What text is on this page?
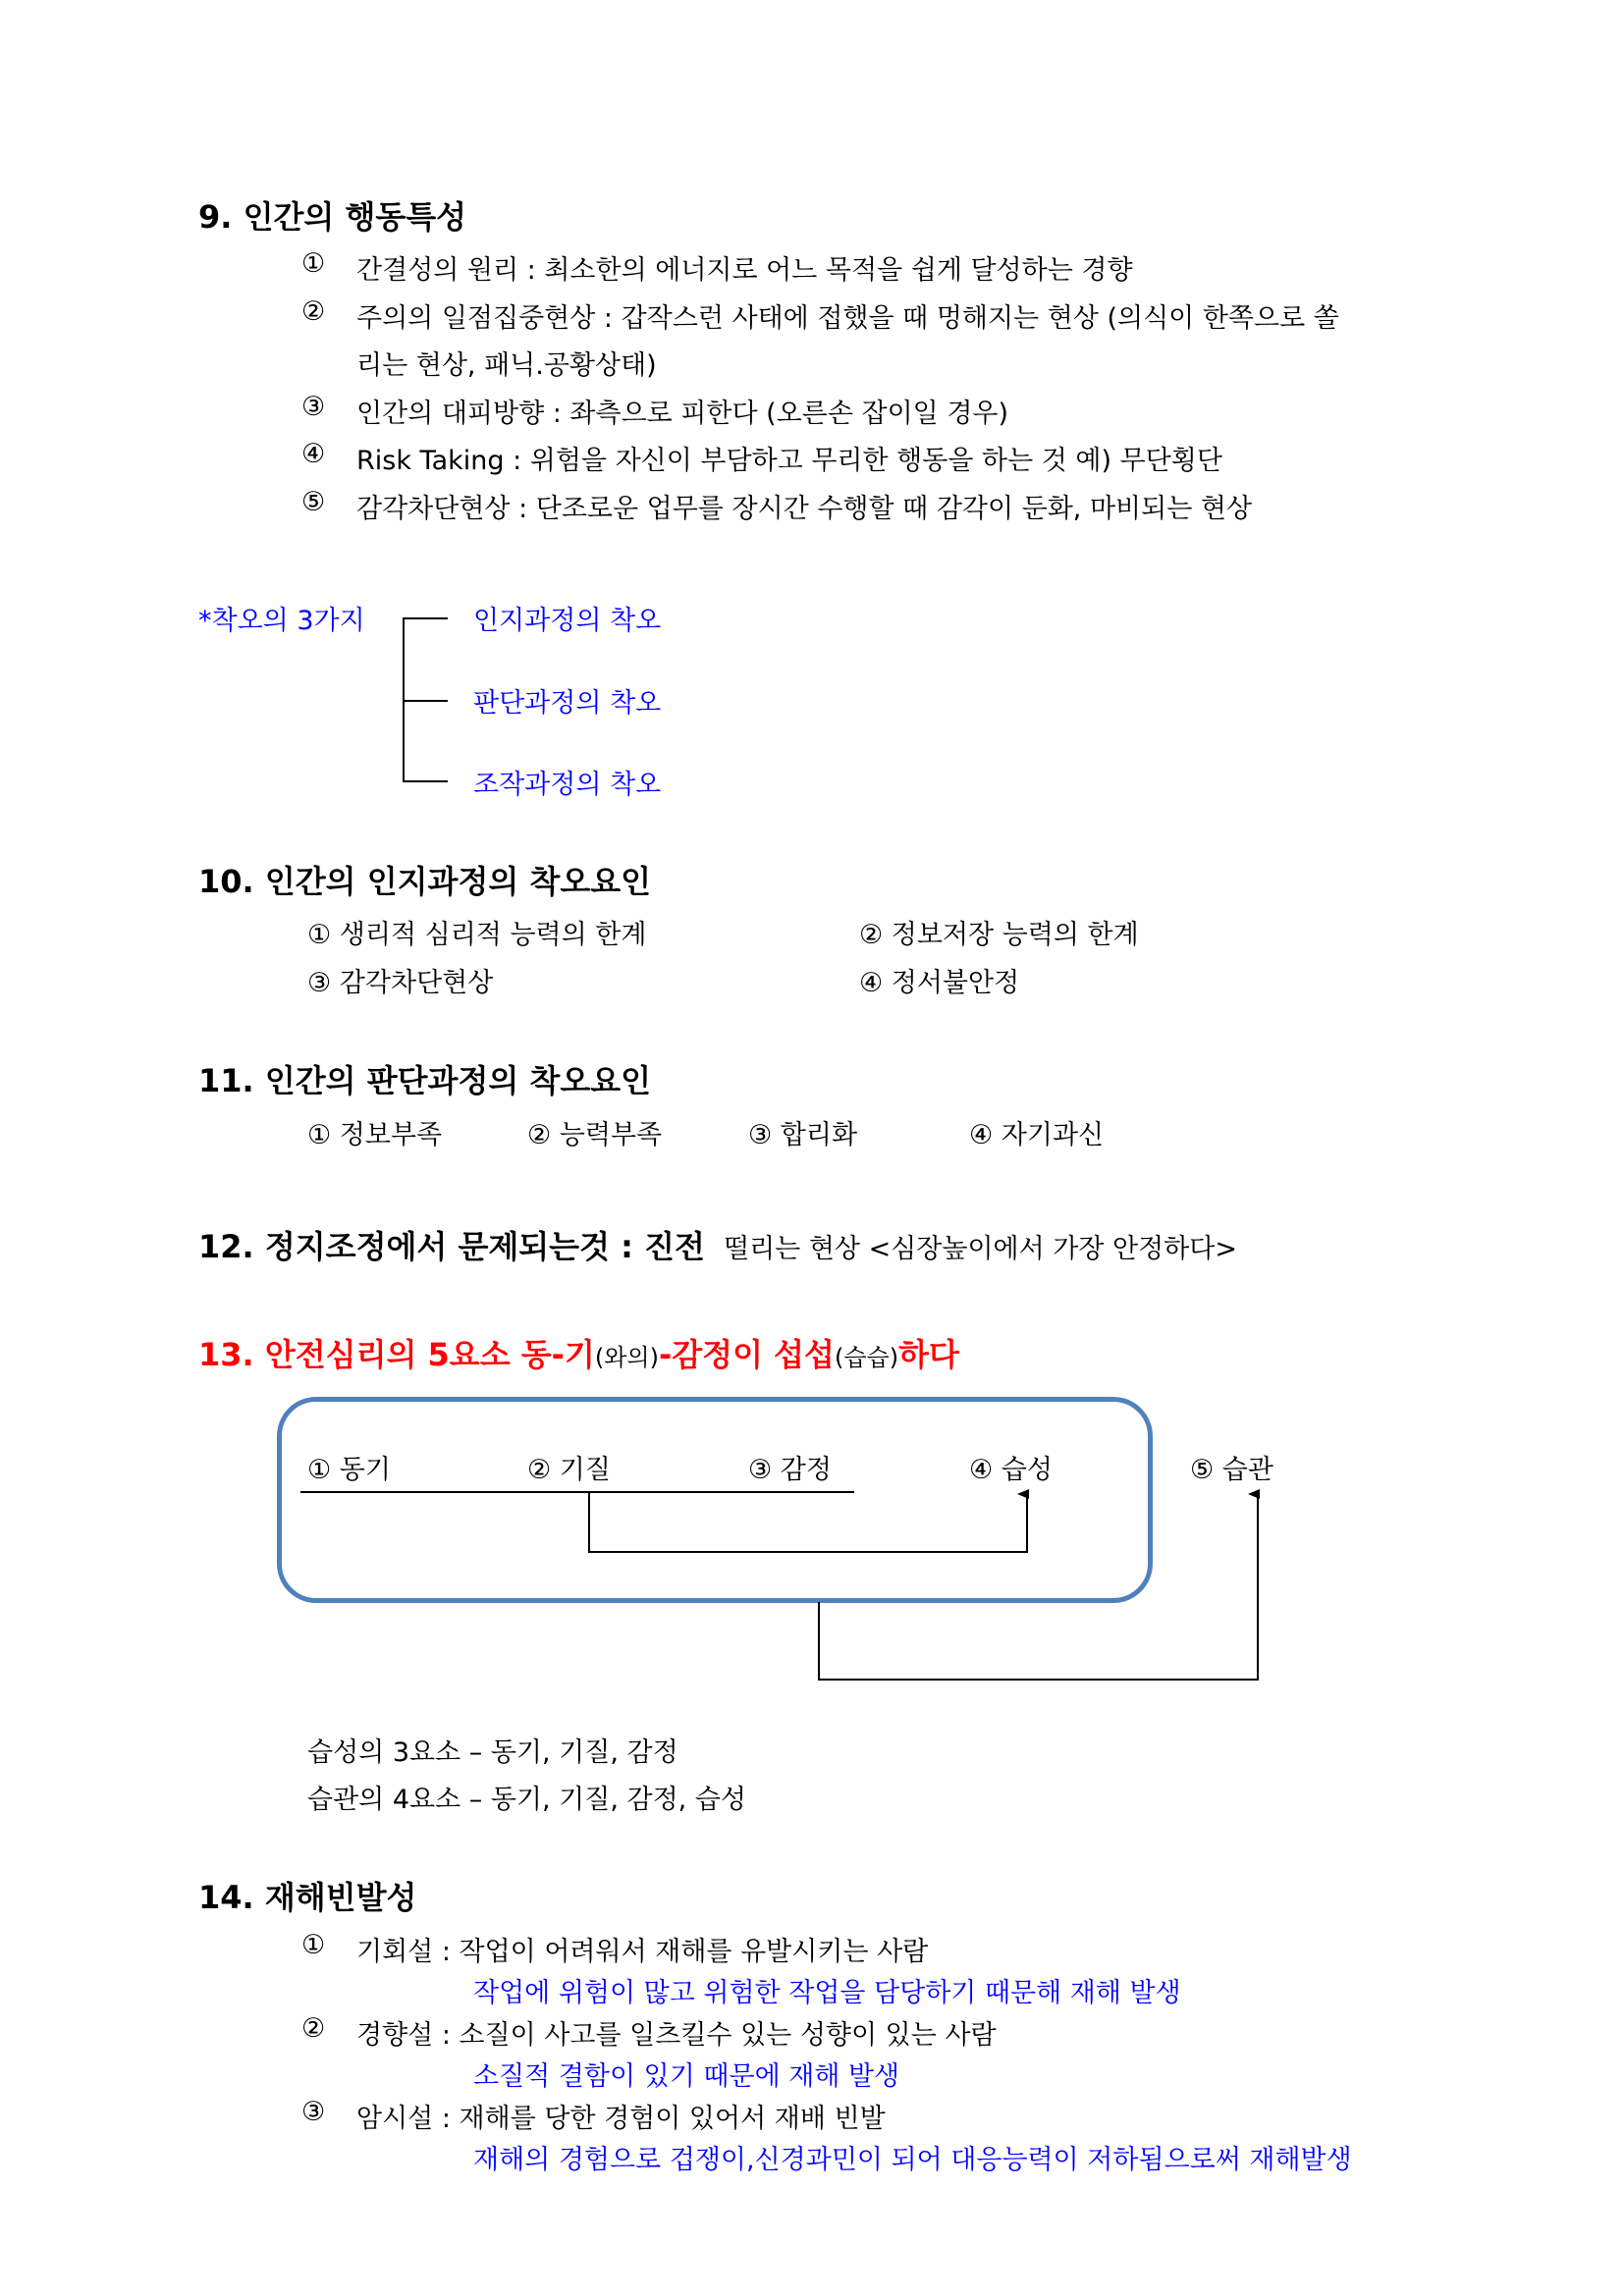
9. 인간의 행동특성
① 간결성의 원리 : 최소한의 에너지로 어느 목적을 쉽게 달성하는 경향
② 주의의 일점집중현상 : 갑작스런 사태에 접했을 때 멍해지는 현상 (의식이 한쪽으로 쏠
리는 현상, 패닉.공황상태)
③ 인간의 대피방향 : 좌측으로 피한다 (오른손 잡이일 경우)
④ Risk Taking : 위험을 자신이 부담하고 무리한 행동을 하는 것 예) 무단횡단
⑤ 감각차단현상 : 단조로운 업무를 장시간 수행할 때 감각이 둔화, 마비되는 현상
*착오의 3가지	인지과정의 착오
판단과정의 착오
조작과정의 착오
10. 인간의 인지과정의 착오요인
① 생리적 심리적 능력의 한계	② 정보저장 능력의 한계
③ 감각차단현상	④ 정서불안정
11. 인간의 판단과정의 착오요인
① 정보부족	② 능력부족	③ 합리화	④ 자기과신
12. 정지조정에서 문제되는것 : 진전 떨리는 현상 <심장높이에서 가장 안정하다>
13. 안전심리의 5요소 동-기(와의)-감정이 섭섭(습습)하다
① 동기	② 기질	③ 감정	④ 습성	⑤ 습관
습성의 3요소 – 동기, 기질, 감정
습관의 4요소 – 동기, 기질, 감정, 습성
14. 재해빈발성
① 기회설 : 작업이 어려워서 재해를 유발시키는 사람
작업에 위험이 많고 위험한 작업을 담당하기 때문해 재해 발생
② 경향설 : 소질이 사고를 일츠킬수 있는 성향이 있는 사람
소질적 결함이 있기 때문에 재해 발생
③ 암시설 : 재해를 당한 경험이 있어서 재배 빈발
재해의 경험으로 겁쟁이,신경과민이 되어 대응능력이 저하됨으로써 재해발생
